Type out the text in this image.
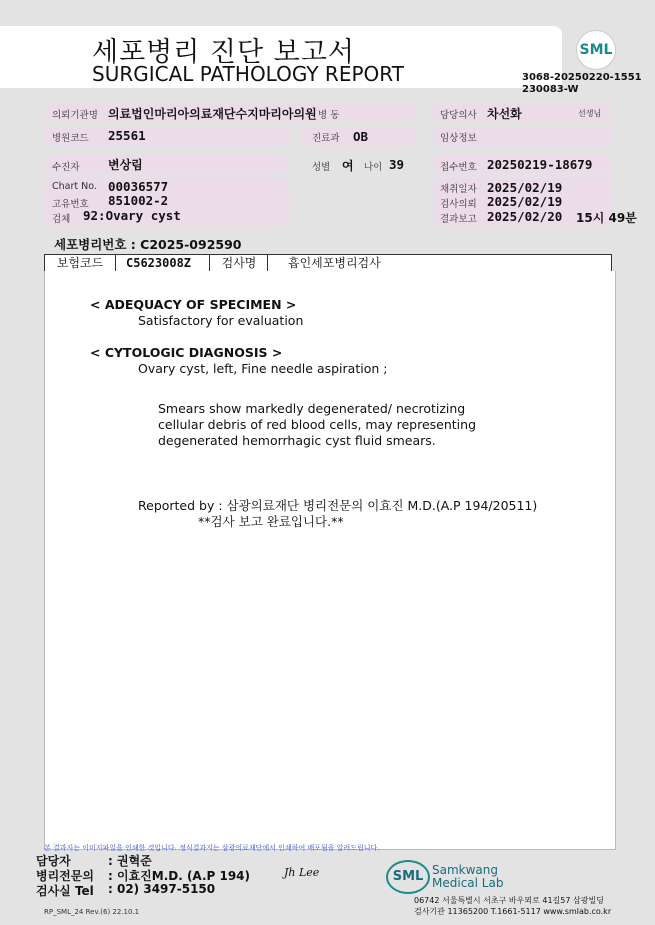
세포병리 진단 보고서
SURGICAL PATHOLOGY REPORT
SML
3068-20250220-1551
230083-W
의뢰기관명 의료법인마리아의료재단수지마리아의원 병 동	담당의사 차선화	선생님
병원코드 25561	진료과 OB	임상정보
수진자 변상림	성별 여 나이 39	접수번호 20250219-18679
Chart No. 00036577
고유번호 851002-2
검체 92:Ovary cyst
채취일자 2025/02/19
검사의뢰 2025/02/19
결과보고 2025/02/20 15시 49분
세포병리번호 : C2025-092590
보험코드	C5623008Z	검사명	흡인세포병리검사
< ADEQUACY OF SPECIMEN >
Satisfactory for evaluation
< CYTOLOGIC DIAGNOSIS >
Ovary cyst, left, Fine needle aspiration ;
Smears show markedly degenerated/ necrotizing
cellular debris of red blood cells, may representing
degenerated hemorrhagic cyst fluid smears.
Reported by : 삼광의료재단 병리전문의 이효진 M.D.(A.P 194/20511)
**검사 보고 완료입니다.**
본 결과지는 이미지파일을 인쇄한 것입니다. 정식결과지는 삼광의료재단에서 인쇄하여 배포됨을 알려드립니다.
담당자	: 권혁준
병리전문의 : 이효진M.D. (A.P 194)
검사실 Tel : 02) 3497-5150
Jh Lee	SML Samkwang
Medical Lab
06742 서울특별시 서초구 바우뫼로 41길57 삼광빌딩
검사기관 11365200 T.1661-5117 www.smlab.co.kr
RP_SML_24 Rev.(6) 22.10.1
